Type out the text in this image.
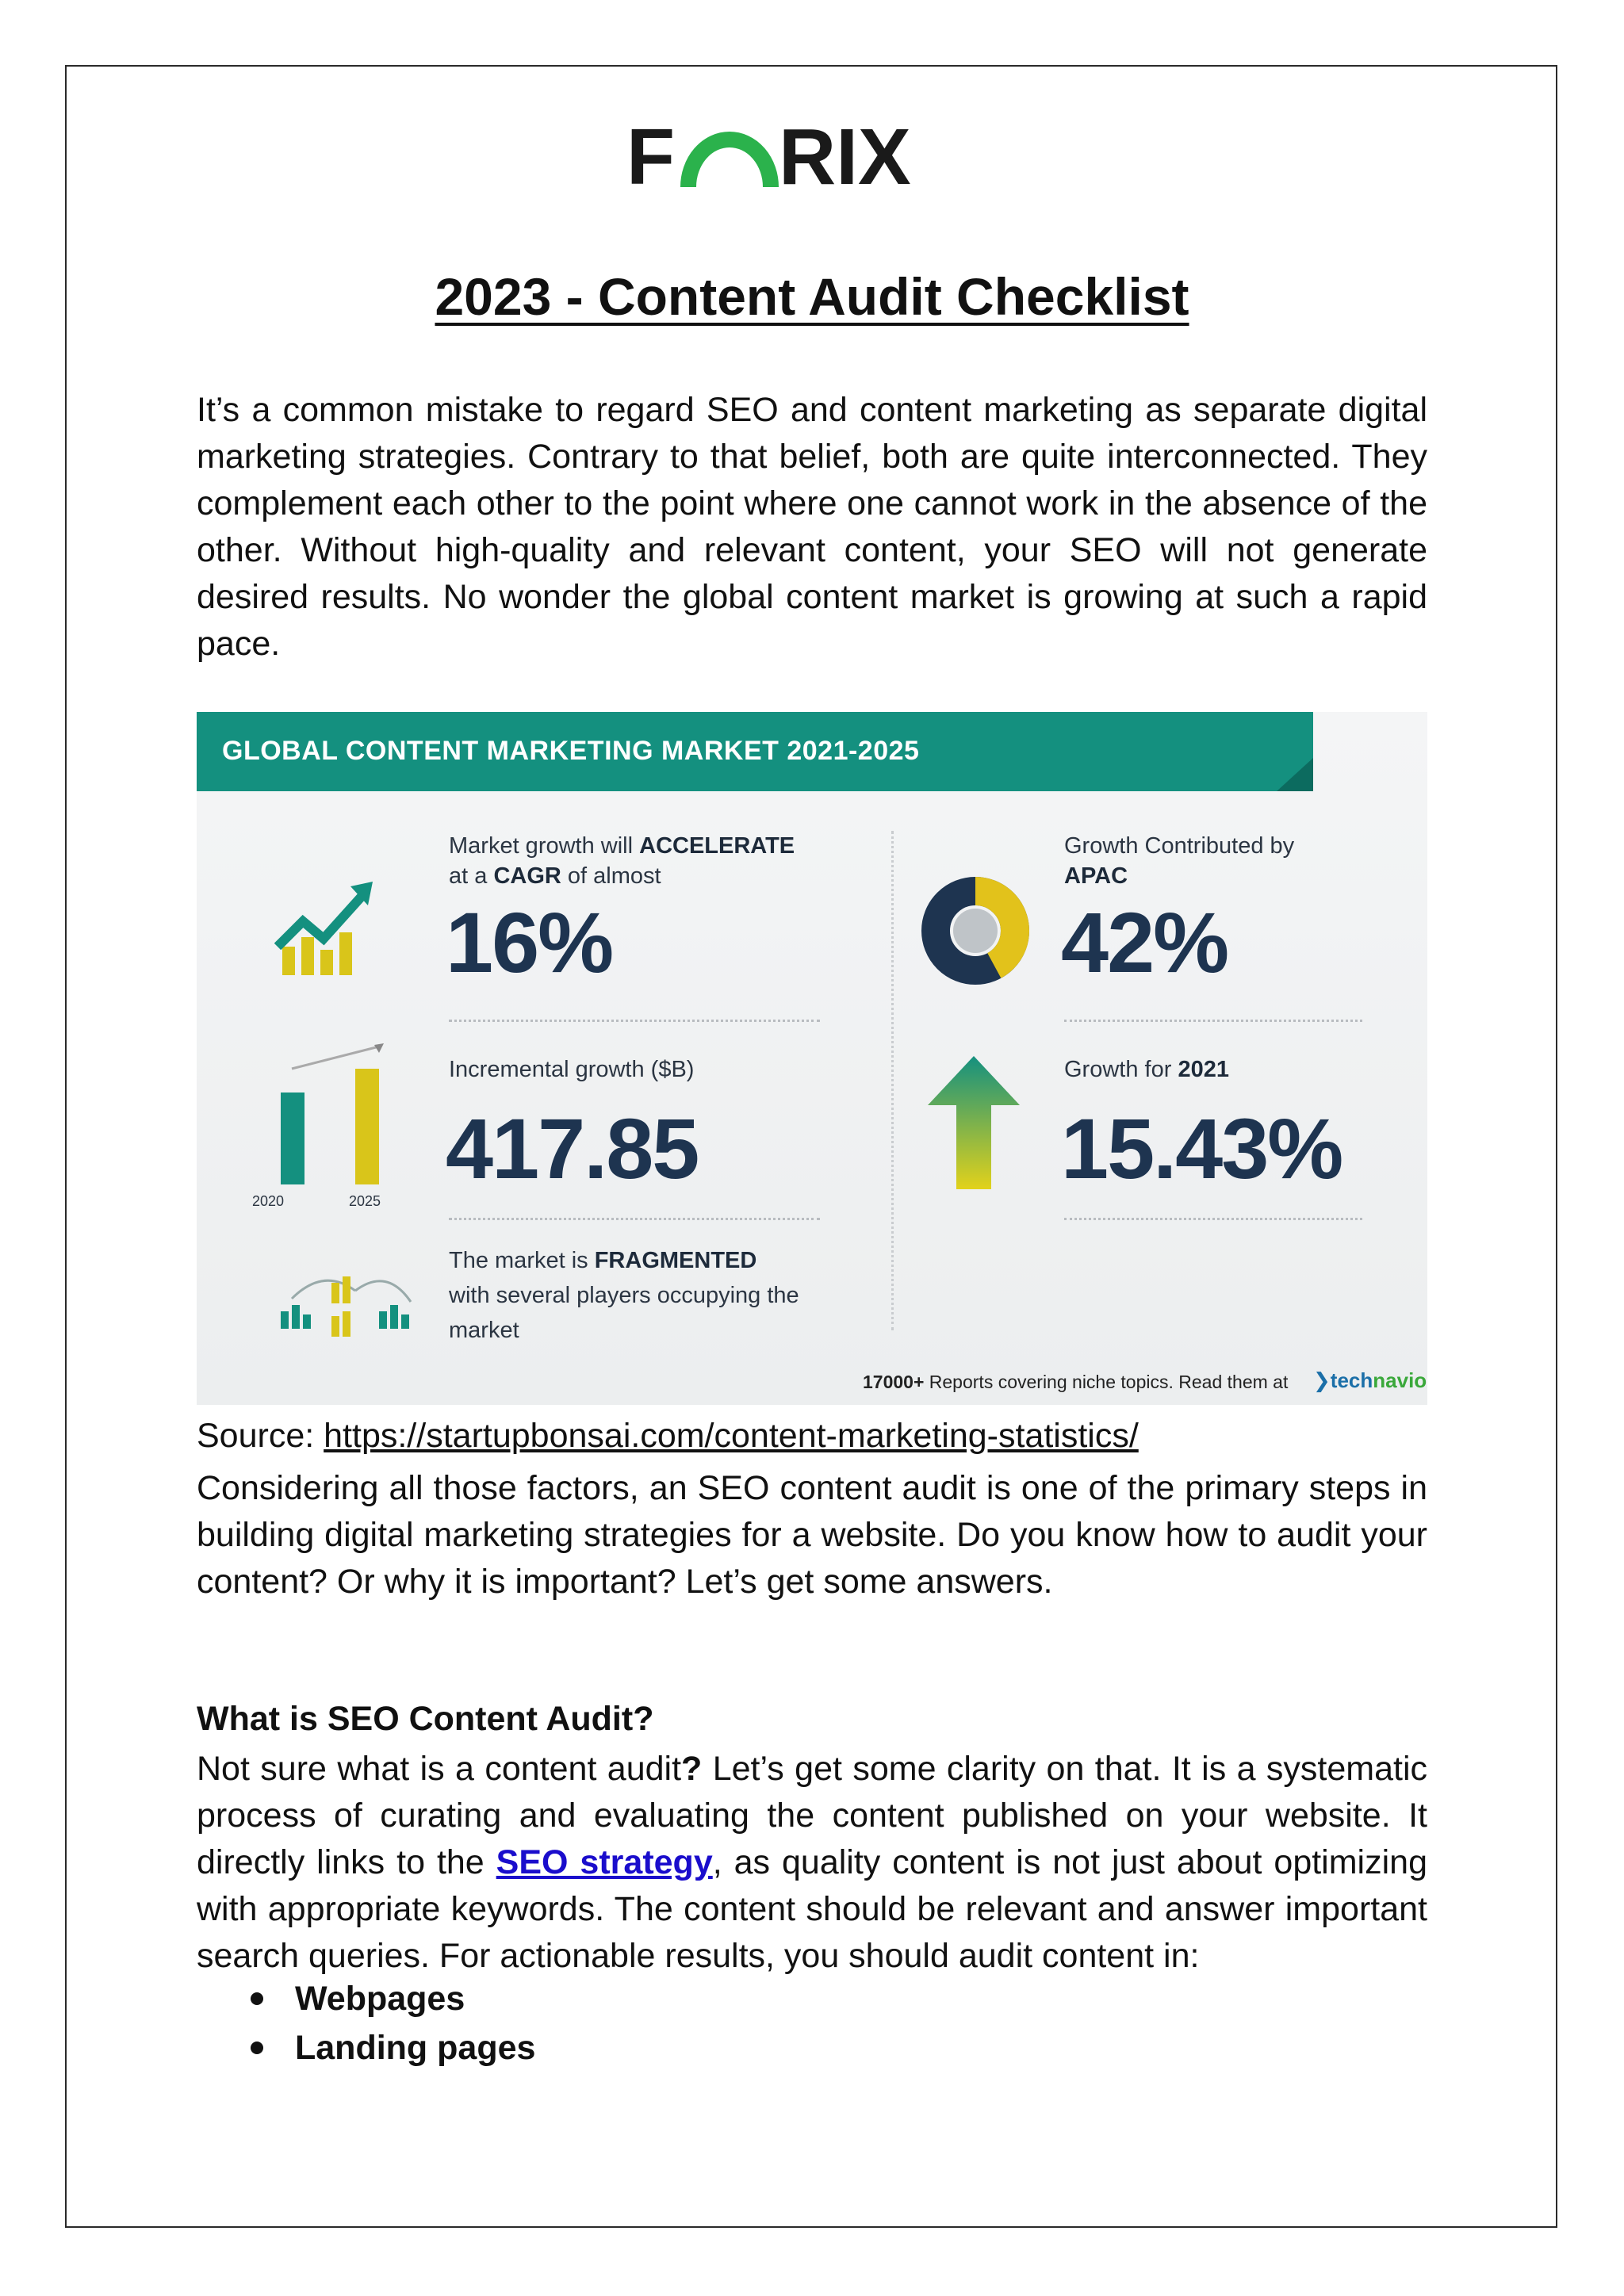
F RIX
2023 - Content Audit Checklist
It’s a common mistake to regard SEO and content marketing as separate digital marketing strategies. Contrary to that belief, both are quite interconnected. They complement each other to the point where one cannot work in the absence of the other. Without high-quality and relevant content, your SEO will not generate desired results. No wonder the global content market is growing at such a rapid pace.
GLOBAL CONTENT MARKETING MARKET 2021-2025
Market growth will ACCELERATE
at a CAGR of almost
16%
Growth Contributed by
APAC
42%
2020	2025
Incremental growth ($B)
417.85
Growth for 2021
15.43%
The market is FRAGMENTED
with several players occupying the
market
17000+ Reports covering niche topics. Read them at ❯technavio
Source: https://startupbonsai.com/content-marketing-statistics/
Considering all those factors, an SEO content audit is one of the primary steps in building digital marketing strategies for a website. Do you know how to audit your content? Or why it is important? Let’s get some answers.
What is SEO Content Audit?
Not sure what is a content audit? Let’s get some clarity on that. It is a systematic process of curating and evaluating the content published on your website. It directly links to the SEO strategy, as quality content is not just about optimizing with appropriate keywords. The content should be relevant and answer important search queries. For actionable results, you should audit content in:
Webpages
Landing pages
